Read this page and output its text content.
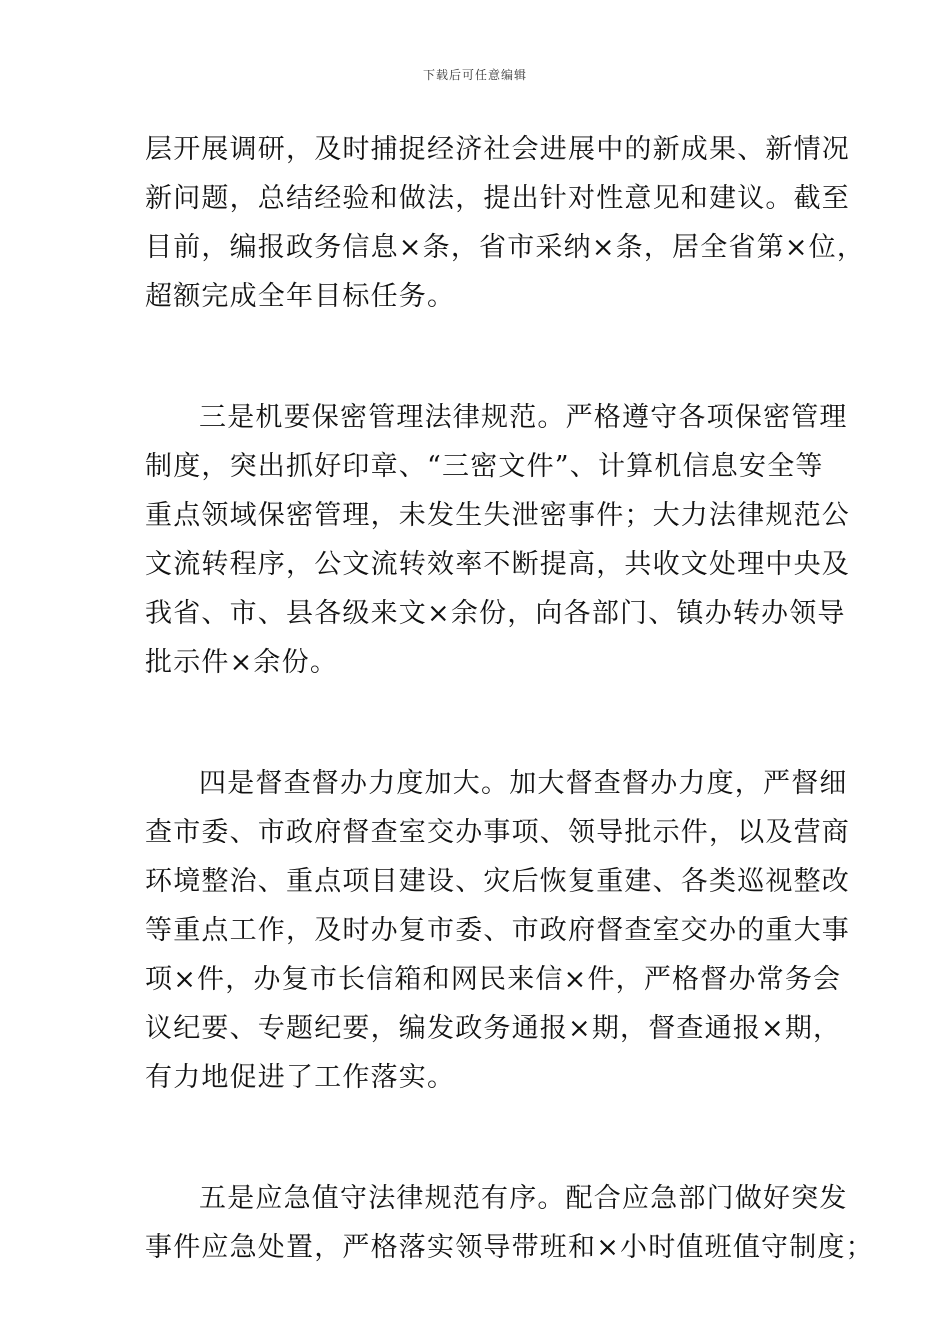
下载后可任意编辑
层开展调研，及时捕捉经济社会进展中的新成果、新情况
新问题，总结经验和做法，提出针对性意见和建议。截至
目前，编报政务信息×条，省市采纳×条，居全省第×位，
超额完成全年目标任务。
三是机要保密管理法律规范。严格遵守各项保密管理
制度，突出抓好印章、“三密文件”、计算机信息安全等
重点领域保密管理，未发生失泄密事件；大力法律规范公
文流转程序，公文流转效率不断提高，共收文处理中央及
我省、市、县各级来文×余份，向各部门、镇办转办领导
批示件×余份。
四是督查督办力度加大。加大督查督办力度，严督细
查市委、市政府督查室交办事项、领导批示件，以及营商
环境整治、重点项目建设、灾后恢复重建、各类巡视整改
等重点工作，及时办复市委、市政府督查室交办的重大事
项×件，办复市长信箱和网民来信×件，严格督办常务会
议纪要、专题纪要，编发政务通报×期，督查通报×期，
有力地促进了工作落实。
五是应急值守法律规范有序。配合应急部门做好突发
事件应急处置，严格落实领导带班和×小时值班值守制度；
